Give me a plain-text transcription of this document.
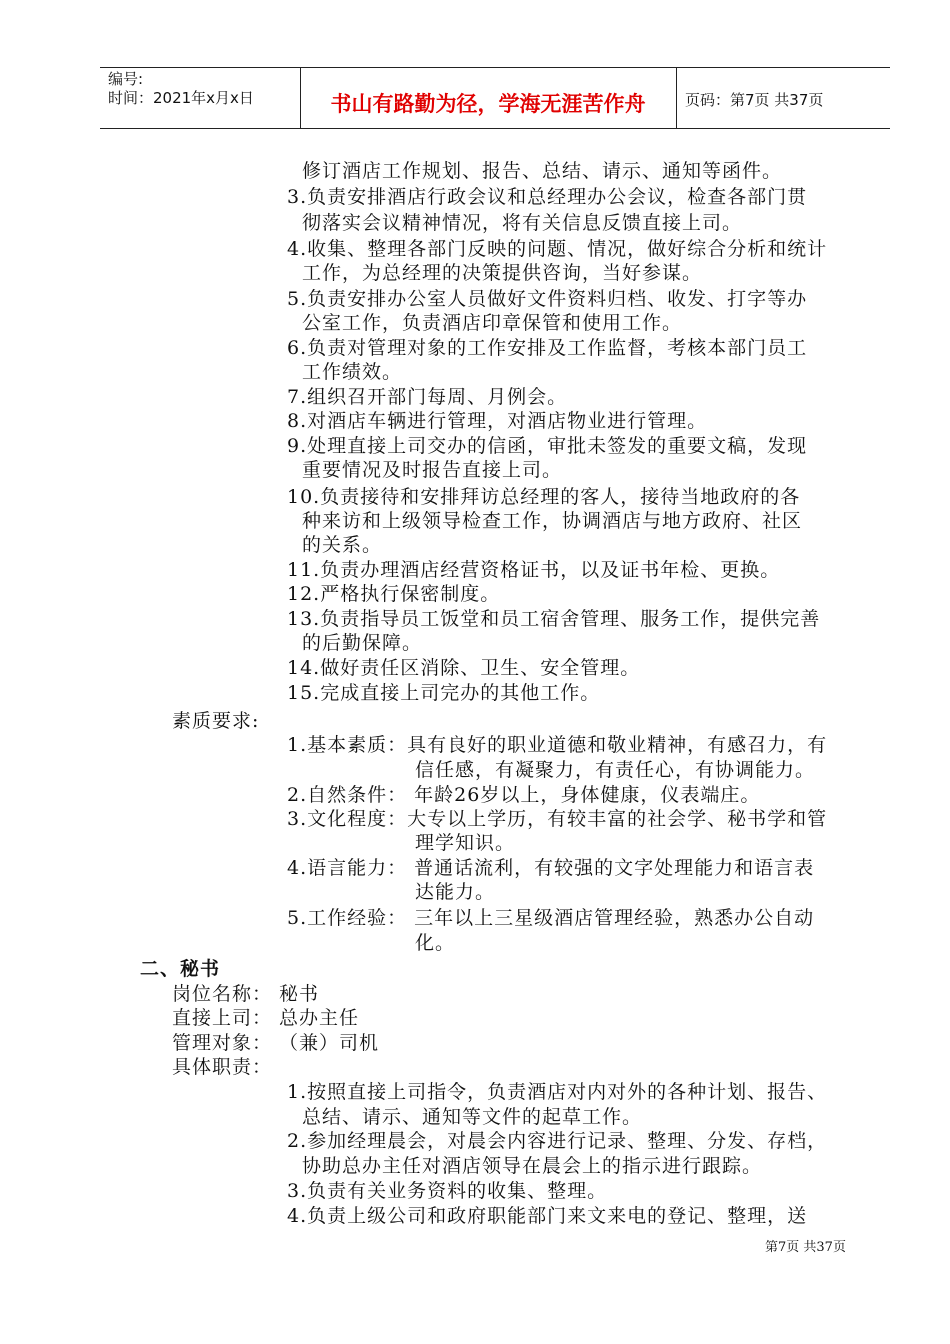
编号:
时间：2021年x月x日	书山有路勤为径，学海无涯苦作舟	页码：第7页 共37页
修订酒店工作规划、报告、总结、请示、通知等函件。
3.负责安排酒店行政会议和总经理办公会议，检查各部门贯
彻落实会议精神情况，将有关信息反馈直接上司。
4.收集、整理各部门反映的问题、情况，做好综合分析和统计
工作，为总经理的决策提供咨询，当好参谋。
5.负责安排办公室人员做好文件资料归档、收发、打字等办
公室工作，负责酒店印章保管和使用工作。
6.负责对管理对象的工作安排及工作监督，考核本部门员工
工作绩效。
7.组织召开部门每周、月例会。
8.对酒店车辆进行管理，对酒店物业进行管理。
9.处理直接上司交办的信函，审批未签发的重要文稿，发现
重要情况及时报告直接上司。
10.负责接待和安排拜访总经理的客人，接待当地政府的各
种来访和上级领导检查工作，协调酒店与地方政府、社区
的关系。
11.负责办理酒店经营资格证书，以及证书年检、更换。
12.严格执行保密制度。
13.负责指导员工饭堂和员工宿舍管理、服务工作，提供完善
的后勤保障。
14.做好责任区消除、卫生、安全管理。
15.完成直接上司完办的其他工作。
素质要求:
1.基本素质：具有良好的职业道德和敬业精神，有感召力，有
信任感，有凝聚力，有责任心，有协调能力。
2.自然条件： 年龄26岁以上，身体健康，仪表端庄。
3.文化程度：大专以上学历，有较丰富的社会学、秘书学和管
理学知识。
4.语言能力： 普通话流利，有较强的文字处理能力和语言表
达能力。
5.工作经验： 三年以上三星级酒店管理经验，熟悉办公自动
化。
二、秘书
岗位名称： 秘书
直接上司： 总办主任
管理对象： （兼）司机
具体职责：
1.按照直接上司指令，负责酒店对内对外的各种计划、报告、
总结、请示、通知等文件的起草工作。
2.参加经理晨会，对晨会内容进行记录、整理、分发、存档，
协助总办主任对酒店领导在晨会上的指示进行跟踪。
3.负责有关业务资料的收集、整理。
4.负责上级公司和政府职能部门来文来电的登记、整理，送
第7页 共37页
